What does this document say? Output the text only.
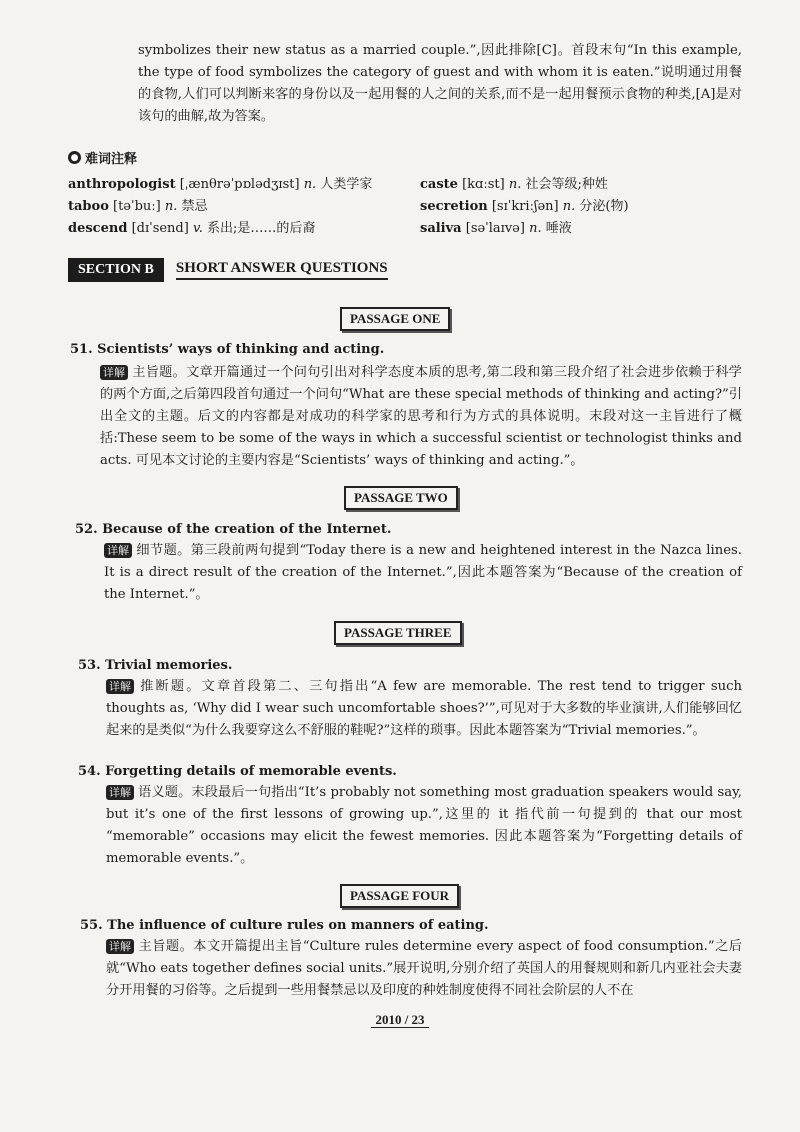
symbolizes their new status as a married couple.”,因此排除[C]。首段末句“In this example, the type of food symbolizes the category of guest and with whom it is eaten.”说明通过用餐的食物,人们可以判断来客的身份以及一起用餐的人之间的关系,而不是一起用餐预示食物的种类,[A]是对该句的曲解,故为答案。
● 难词注释
anthropologist [ˌænθrəˈpɒlədʒɪst] n. 人类学家
taboo [təˈbuː] n. 禁忌
descend [dɪˈsend] v. 系出;是……的后裔
caste [kɑːst] n. 社会等级;种姓
secretion [sɪˈkriːʃən] n. 分泌(物)
saliva [səˈlaɪvə] n. 唾液
SECTION B	SHORT ANSWER QUESTIONS
PASSAGE ONE
51. Scientists’ ways of thinking and acting.
详解 主旨题。文章开篇通过一个问句引出对科学态度本质的思考,第二段和第三段介绍了社会进步依赖于科学的两个方面,之后第四段首句通过一个问句“What are these special methods of thinking and acting?”引出全文的主题。后文的内容都是对成功的科学家的思考和行为方式的具体说明。末段对这一主旨进行了概括:These seem to be some of the ways in which a successful scientist or technologist thinks and acts. 可见本文讨论的主要内容是“Scientists’ ways of thinking and acting.”。
PASSAGE TWO
52. Because of the creation of the Internet.
详解 细节题。第三段前两句提到“Today there is a new and heightened interest in the Nazca lines. It is a direct result of the creation of the Internet.”,因此本题答案为“Because of the creation of the Internet.”。
PASSAGE THREE
53. Trivial memories.
详解 推断题。文章首段第二、三句指出“A few are memorable. The rest tend to trigger such thoughts as, ‘Why did I wear such uncomfortable shoes?’”,可见对于大多数的毕业演讲,人们能够回忆起来的是类似“为什么我要穿这么不舒服的鞋呢?”这样的琐事。因此本题答案为“Trivial memories.”。
54. Forgetting details of memorable events.
详解 语义题。末段最后一句指出“It’s probably not something most graduation speakers would say, but it’s one of the first lessons of growing up.”,这里的 it 指代前一句提到的 that our most “memorable” occasions may elicit the fewest memories. 因此本题答案为“Forgetting details of memorable events.”。
PASSAGE FOUR
55. The influence of culture rules on manners of eating.
详解 主旨题。本文开篇提出主旨“Culture rules determine every aspect of food consumption.”之后就“Who eats together defines social units.”展开说明,分别介绍了英国人的用餐规则和新几内亚社会夫妻分开用餐的习俗等。之后提到一些用餐禁忌以及印度的种姓制度使得不同社会阶层的人不在
2010 / 23
